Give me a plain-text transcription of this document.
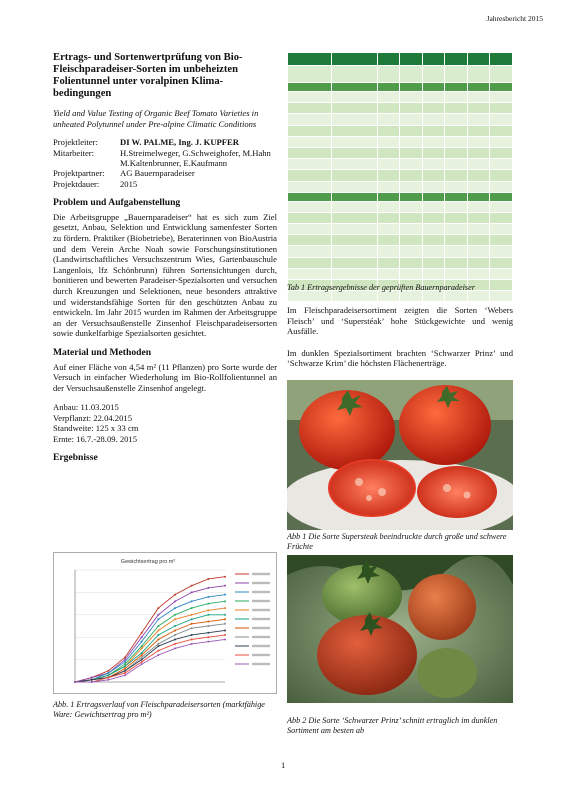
Jahresbericht 2015
Ertrags- und Sortenwertprüfung von Bio-Fleischparadeiser-Sorten im unbeheizten Folientunnel unter voralpinen Klima-bedingungen

Yield and Value Testing of Organic Beef Tomato Varieties in unheated Polytunnel under Pre-alpine Climatic Conditions

Projektleiter:	DI W. PALME, Ing. J. KUPFER
Mitarbeiter:	H.Streimelweger, G.Schweighofer, M.Hahn M.Kaltenbrunner, E.Kaufmann
Projektpartner:	AG Bauernparadeiser
Projektdauer:	2015
Problem und Aufgabenstellung

Die Arbeitsgruppe „Bauernparadeiser“ hat es sich zum Ziel gesetzt, Anbau, Selektion und Entwicklung samenfester Sorten zu fördern. Praktiker (Biobetriebe), Beraterinnen von BioAustria und dem Verein Arche Noah sowie Forschungsinstitutionen (Landwirtschaftliches Versuchszentrum Wies, Gartenbauschule Langenlois, lfz Schönbrunn) führen Sortensichtungen durch, bonitieren und bewerten Paradeiser-Spezialsorten und versuchen durch Kreuzungen und Selektionen, neue besonders attraktive und widerstandsfähige Sorten für den geschützten Anbau zu entwickeln. Im Jahr 2015 wurden im Rahmen der Arbeitsgruppe an der Versuchsaußenstelle Zinsenhof Fleischparadeisersorten sowie dunkelfarbige Spezialsorten gesichtet.

Material und Methoden

Auf einer Fläche von 4,54 m² (11 Pflanzen) pro Sorte wurde der Versuch in einfacher Wiederholung im Bio-Rollfolientunnel an der Versuchsaußenstelle Zinsenhof angelegt.

Anbau: 11.03.2015
Verpflanzt: 22.04.2015
Standweite: 125 x 33 cm
Ernte: 16.7.-28.09. 2015
Ergebnisse
Gewichtsertrag pro m²
Abb. 1 Ertragsverlauf von Fleischparadeisersorten (marktfähige Ware: Gewichtsertrag pro m²)

Tab 1 Ertragsergebnisse der geprüften Bauernparadeiser

Im Fleischparadeisersortiment zeigten die Sorten ‘Webers Fleisch’ und ‘Superstéak’ hohe Stückgewichte und wenig Ausfälle.

Im dunklen Spezialsortiment brachten ‘Schwarzer Prinz’ und ‘Schwarze Krim’ die höchsten Flächenerträge.

Abb 1 Die Sorte Supersteak beeindruckte durch große und schwere Früchte
Abb 2 Die Sorte ‘Schwarzer Prinz’ schnitt ertraglich im dunklen Sortiment am besten ab
1
